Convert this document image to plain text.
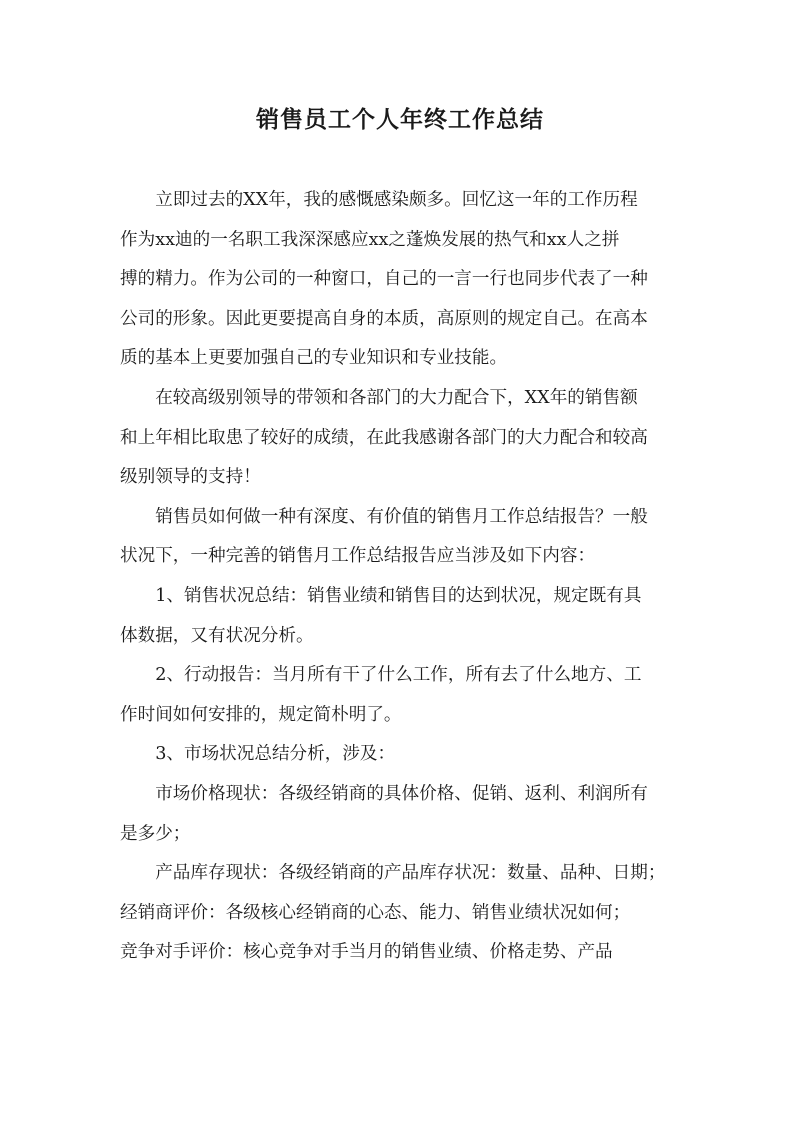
销售员工个人年终工作总结

立即过去的XX年，我的感慨感染颇多。回忆这一年的工作历程
作为xx迪的一名职工我深深感应xx之蓬焕发展的热气和xx人之拼
搏的精力。作为公司的一种窗口，自己的一言一行也同步代表了一种
公司的形象。因此更要提高自身的本质，高原则的规定自己。在高本
质的基本上更要加强自己的专业知识和专业技能。

在较高级别领导的带领和各部门的大力配合下，XX年的销售额
和上年相比取患了较好的成绩，在此我感谢各部门的大力配合和较高
级别领导的支持！

销售员如何做一种有深度、有价值的销售月工作总结报告？一般
状况下，一种完善的销售月工作总结报告应当涉及如下内容：

1、销售状况总结：销售业绩和销售目的达到状况，规定既有具
体数据，又有状况分析。

2、行动报告：当月所有干了什么工作，所有去了什么地方、工
作时间如何安排的，规定简朴明了。

3、市场状况总结分析，涉及：

市场价格现状：各级经销商的具体价格、促销、返利、利润所有
是多少；

产品库存现状：各级经销商的产品库存状况：数量、品种、日期；

经销商评价：各级核心经销商的心态、能力、销售业绩状况如何；

竞争对手评价：核心竞争对手当月的销售业绩、价格走势、产品
